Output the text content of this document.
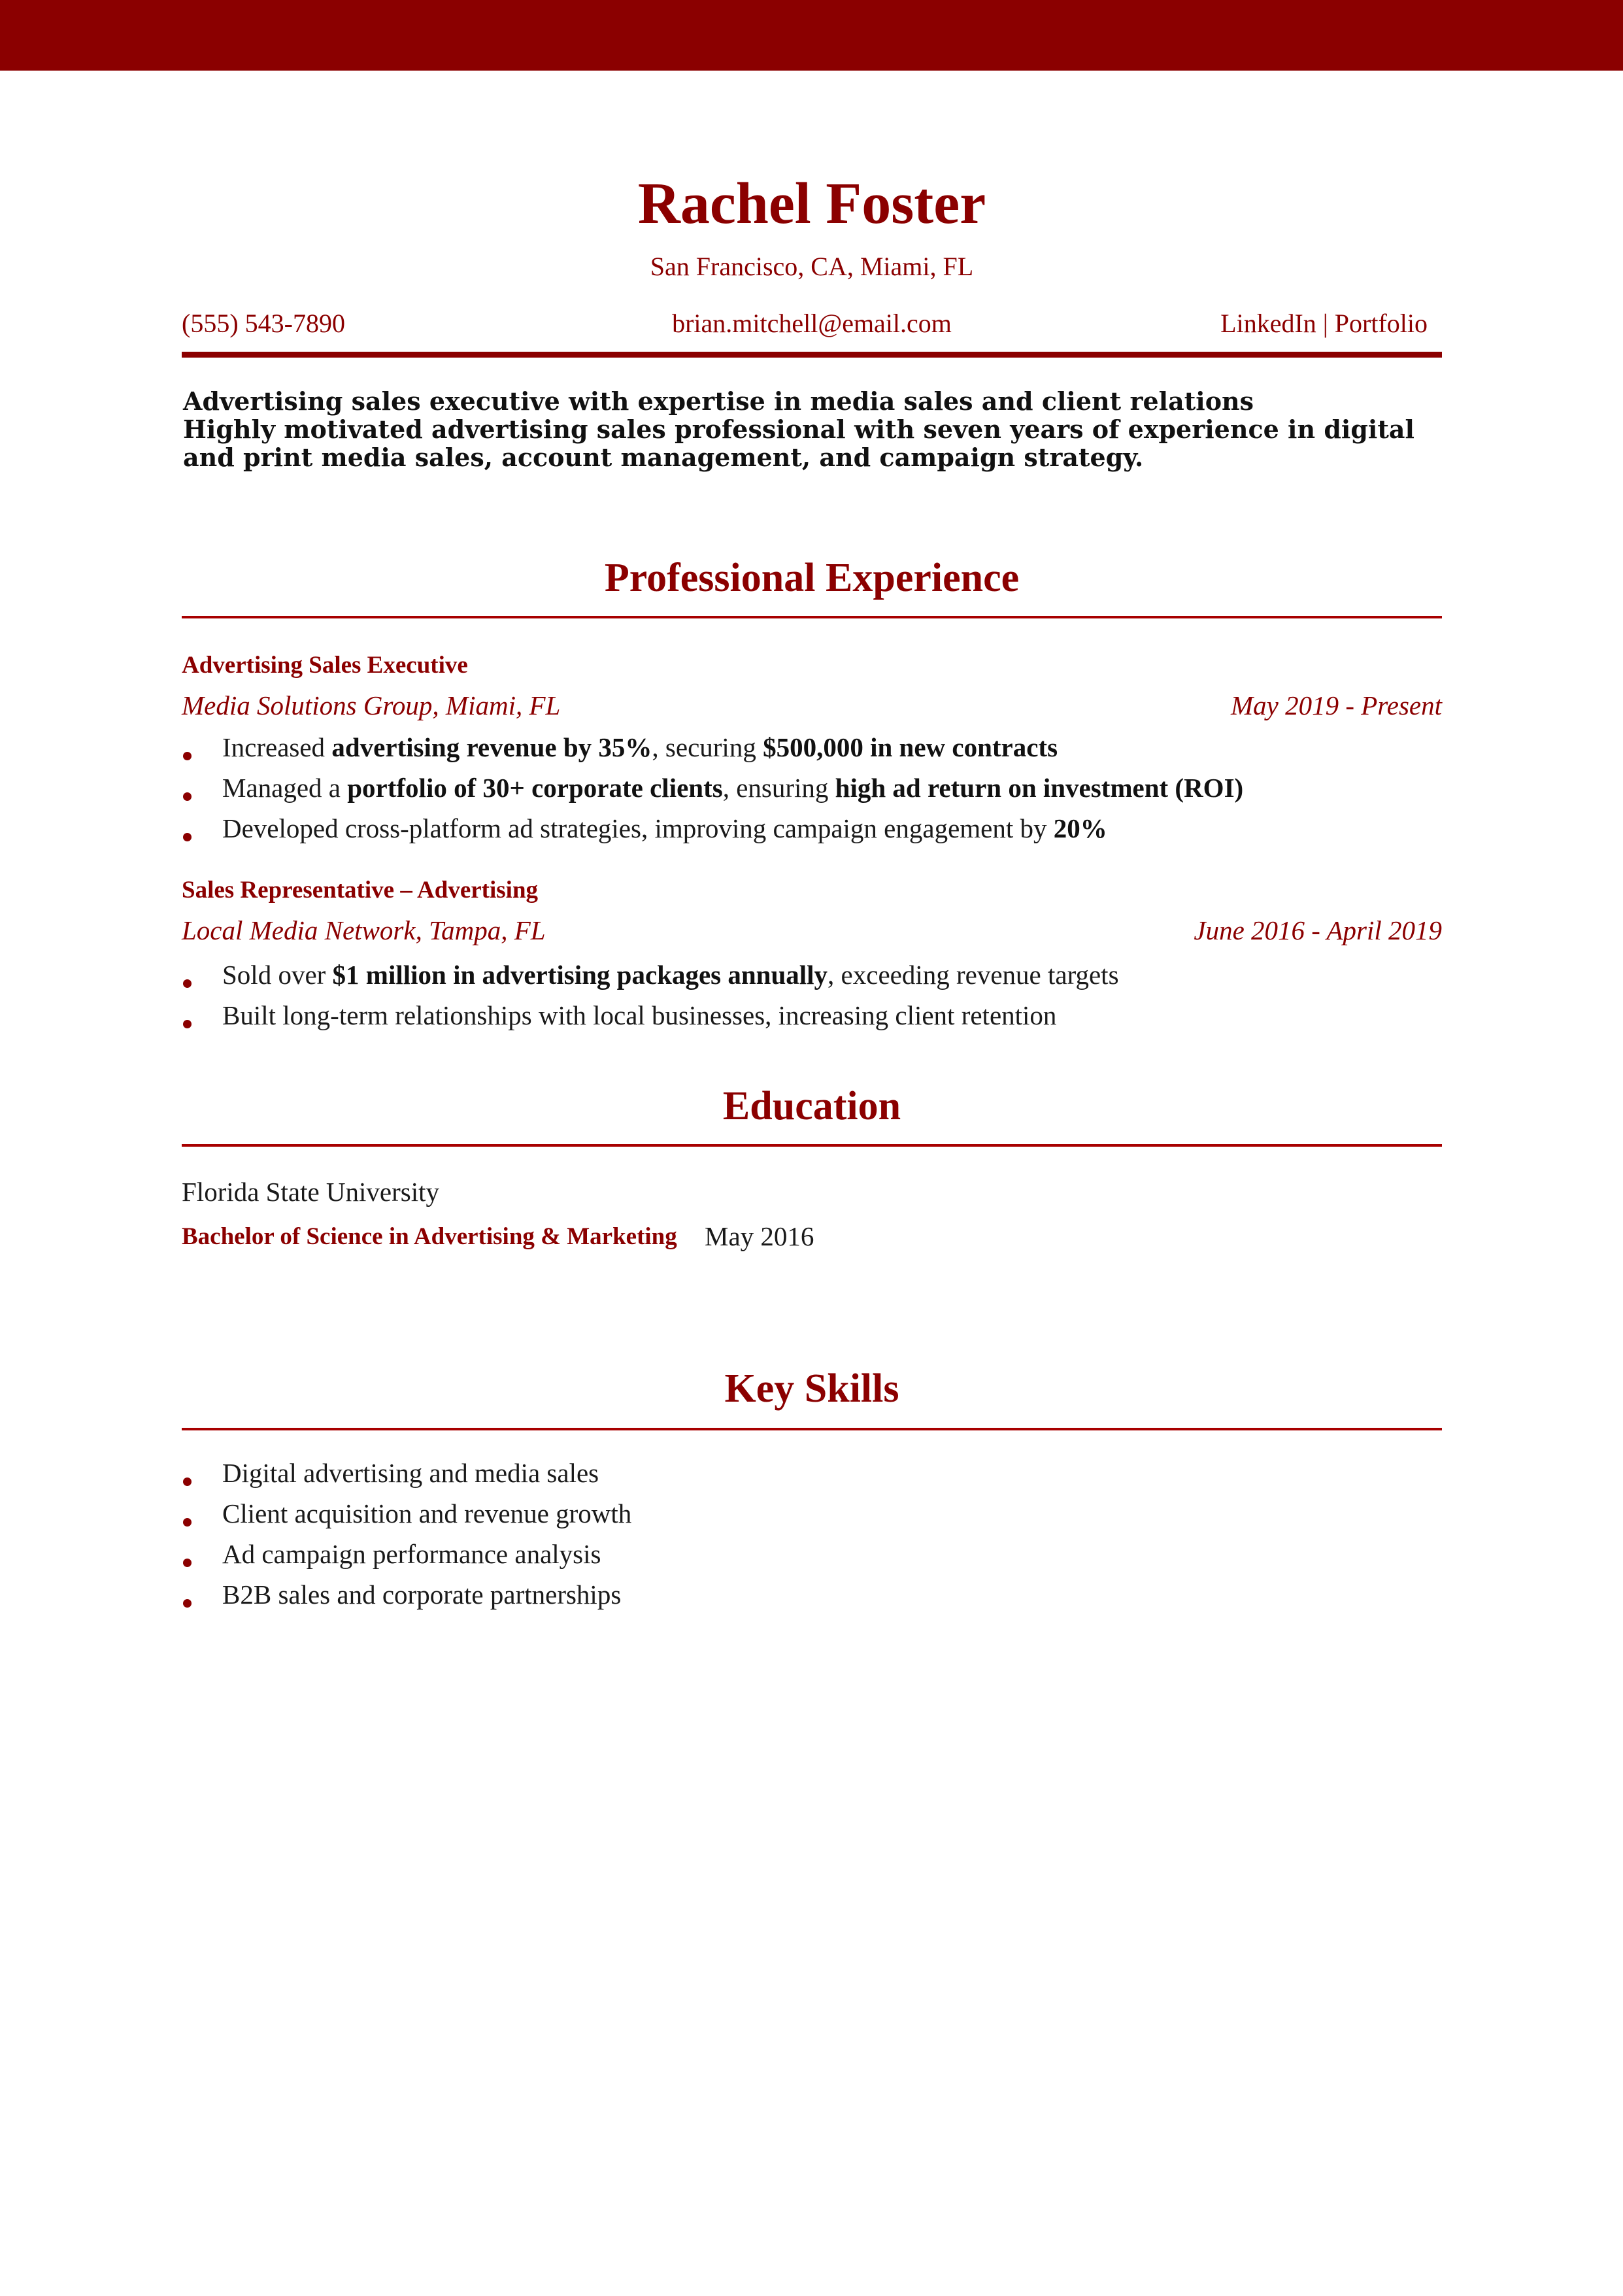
Rachel Foster
San Francisco, CA, Miami, FL
(555) 543-7890	brian.mitchell@email.com	LinkedIn | Portfolio

Advertising sales executive with expertise in media sales and client relations

Highly motivated advertising sales professional with seven years of experience in digital and print media sales, account management, and campaign strategy.

Professional Experience
Advertising Sales Executive
Media Solutions Group, Miami, FL	May 2019 - Present
Increased advertising revenue by 35%, securing $500,000 in new contracts
Managed a portfolio of 30+ corporate clients, ensuring high ad return on investment (ROI)
Developed cross-platform ad strategies, improving campaign engagement by 20%
Sales Representative – Advertising
Local Media Network, Tampa, FL	June 2016 - April 2019
Sold over $1 million in advertising packages annually, exceeding revenue targets
Built long-term relationships with local businesses, increasing client retention
Education
Florida State University
Bachelor of Science in Advertising & Marketing May 2016
Key Skills
Digital advertising and media sales
Client acquisition and revenue growth
Ad campaign performance analysis
B2B sales and corporate partnerships
